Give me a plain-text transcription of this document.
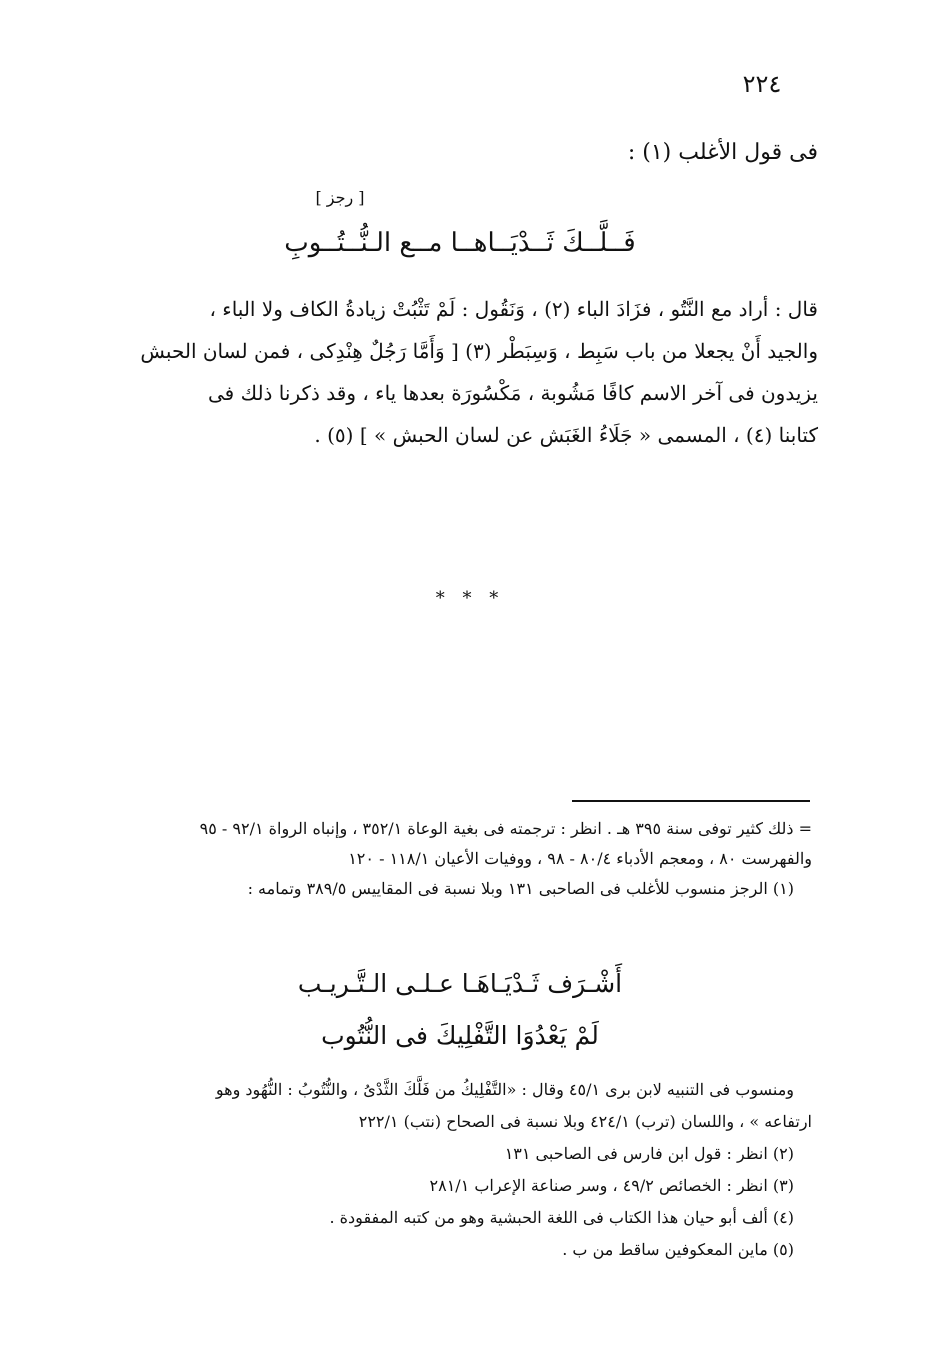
٢٢٤
فى قول الأغلب (١) :
[ رجز ]
فَــلَّــكَ ثَــدْيَــاهــا مــع الـنُّــتُــوبِ

قال : أراد مع النَّتُو ، فزَادَ الباء (٢) ، وَنَقُول : لَمْ تَثْبُتْ زيادةُ الكاف ولا الباء ،

والجيد أَنْ يجعلا من باب سَبِط ، وَسِبَطْر (٣) [ وَأَمَّا رَجُلٌ هِنْدِكى ، فمن لسان الحبش

يزيدون فى آخر الاسم كافًا مَشُوبة ، مَكْسُورَة بعدها ياء ، وقد ذكرنا ذلك فى

كتابنا (٤) ، المسمى « جَلَاءُ الغَبَش عن لسان الحبش » ] (٥) .

* * *

= ذلك كثير توفى سنة ٣٩٥ هـ . انظر : ترجمته فى بغية الوعاة ٣٥٢/١ ، وإنباه الرواة ٩٢/١ - ٩٥

والفهرست ٨٠ ، ومعجم الأدباء ٨٠/٤ - ٩٨ ، ووفيات الأعيان ١١٨/١ - ١٢٠

(١) الرجز منسوب للأغلب فى الصاحبى ١٣١ وبلا نسبة فى المقاييس ٣٨٩/٥ وتمامه :

أَشْـرَف ثَـدْيَـاهَـا عـلـى الـتَّـريـب
لَمْ يَعْدُوَا التَّفْلِيكَ فى النُّتُوب

ومنسوب فى التنبيه لابن برى ٤٥/١ وقال : «التَّفْلِيكُ من فَلَّكَ الثَّدْىُ ، والنُّتُوبُ : النُّهُود وهو

ارتفاعه » ، واللسان (ترب) ٤٢٤/١ وبلا نسبة فى الصحاح (نتب) ٢٢٢/١

(٢) انظر : قول ابن فارس فى الصاحبى ١٣١

(٣) انظر : الخصائص ٤٩/٢ ، وسر صناعة الإعراب ٢٨١/١

(٤) ألف أبو حيان هذا الكتاب فى اللغة الحبشية وهو من كتبه المفقودة .

(٥) ماين المعكوفين ساقط من ب .
